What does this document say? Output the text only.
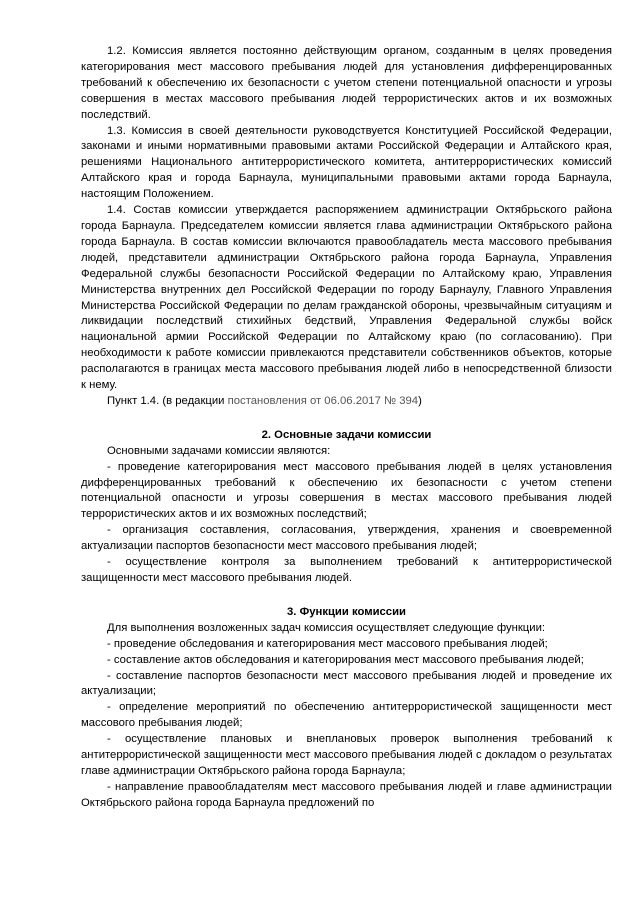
1.2. Комиссия является постоянно действующим органом, созданным в целях проведения категорирования мест массового пребывания людей для установления дифференцированных требований к обеспечению их безопасности с учетом степени потенциальной опасности и угрозы совершения в местах массового пребывания людей террористических актов и их возможных последствий.

1.3. Комиссия в своей деятельности руководствуется Конституцией Российской Федерации, законами и иными нормативными правовыми актами Российской Федерации и Алтайского края, решениями Национального антитеррористического комитета, антитеррористических комиссий Алтайского края и города Барнаула, муниципальными правовыми актами города Барнаула, настоящим Положением.

1.4. Состав комиссии утверждается распоряжением администрации Октябрьского района города Барнаула. Председателем комиссии является глава администрации Октябрьского района города Барнаула. В состав комиссии включаются правообладатель места массового пребывания людей, представители администрации Октябрьского района города Барнаула, Управления Федеральной службы безопасности Российской Федерации по Алтайскому краю, Управления Министерства внутренних дел Российской Федерации по городу Барнаулу, Главного Управления Министерства Российской Федерации по делам гражданской обороны, чрезвычайным ситуациям и ликвидации последствий стихийных бедствий, Управления Федеральной службы войск национальной армии Российской Федерации по Алтайскому краю (по согласованию). При необходимости к работе комиссии привлекаются представители собственников объектов, которые располагаются в границах места массового пребывания людей либо в непосредственной близости к нему.

Пункт 1.4. (в редакции постановления от 06.06.2017 № 394)

2. Основные задачи комиссии

Основными задачами комиссии являются:

- проведение категорирования мест массового пребывания людей в целях установления дифференцированных требований к обеспечению их безопасности с учетом степени потенциальной опасности и угрозы совершения в местах массового пребывания людей террористических актов и их возможных последствий;

- организация составления, согласования, утверждения, хранения и своевременной актуализации паспортов безопасности мест массового пребывания людей;

- осуществление контроля за выполнением требований к антитеррористической защищенности мест массового пребывания людей.

3. Функции комиссии

Для выполнения возложенных задач комиссия осуществляет следующие функции:

- проведение обследования и категорирования мест массового пребывания людей;

- составление актов обследования и категорирования мест массового пребывания людей;

- составление паспортов безопасности мест массового пребывания людей и проведение их актуализации;

- определение мероприятий по обеспечению антитеррористической защищенности мест массового пребывания людей;

- осуществление плановых и внеплановых проверок выполнения требований к антитеррористической защищенности мест массового пребывания людей с докладом о результатах главе администрации Октябрьского района города Барнаула;

- направление правообладателям мест массового пребывания людей и главе администрации Октябрьского района города Барнаула предложений по
